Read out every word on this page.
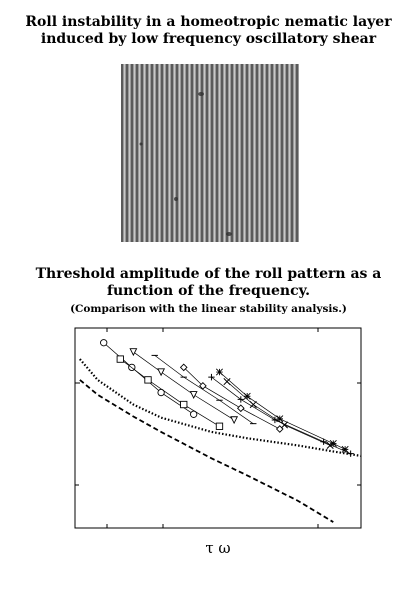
Roll instability in a homeotropic nematic layer
induced by low frequency oscillatory shear
Threshold amplitude of the roll pattern as a
function of the frequency.
(Comparison with the linear stability analysis.)
τ ω
